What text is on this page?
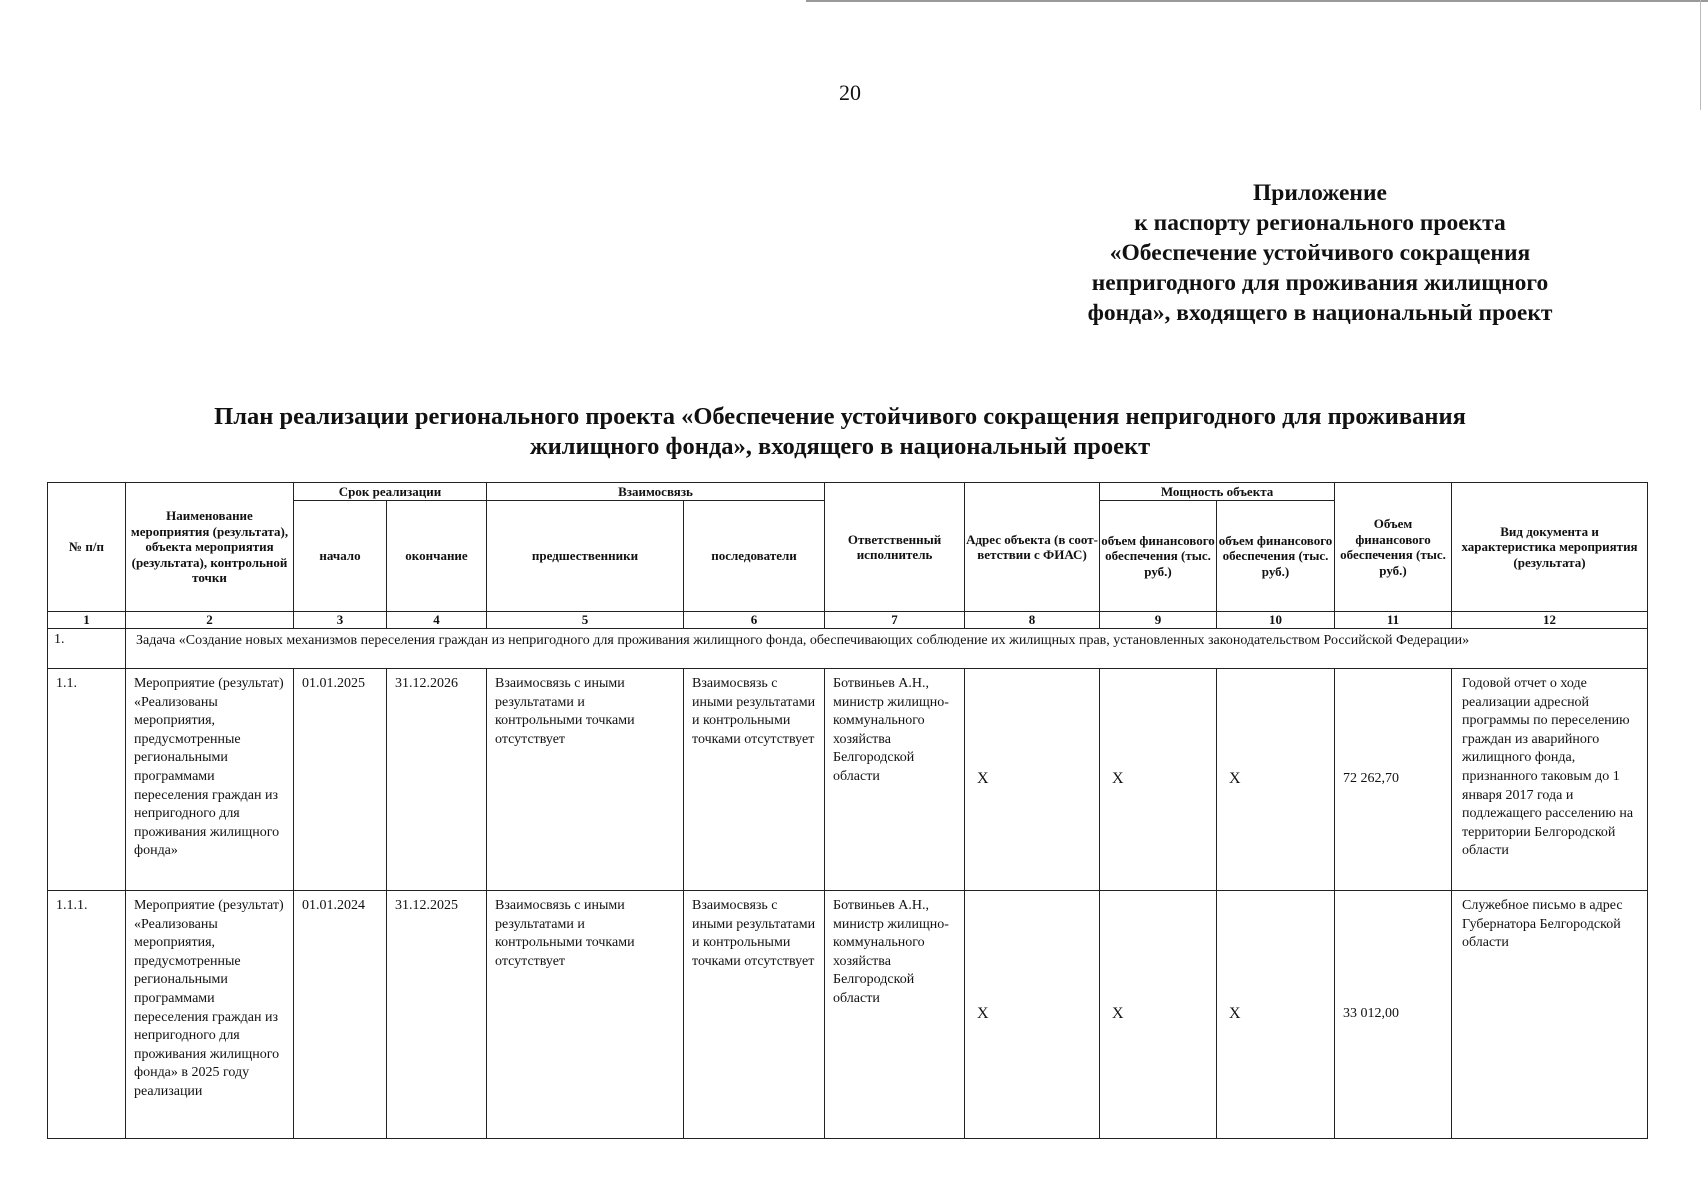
20
Приложение
к паспорту регионального проекта
«Обеспечение устойчивого сокращения
непригодного для проживания жилищного
фонда», входящего в национальный проект
План реализации регионального проекта «Обеспечение устойчивого сокращения непригодного для проживания
жилищного фонда», входящего в национальный проект
№ п/п	Наименование мероприятия (результата), объекта мероприятия (результата), контрольной точки	Срок реализации		Взаимосвязь		Ответственный исполнитель	Адрес объекта (в соот-ветствии с ФИАС)	Мощность объекта		Объем финансового обеспечения (тыс. руб.)	Вид документа и характеристика мероприятия (результата)
		начало	окончание	предшественники	последователи			объем финансового обеспечения (тыс. руб.)	объем финансового обеспечения (тыс. руб.)		
1	2	3	4	5	6	7	8	9	10	11	12
1.	Задача «Создание новых механизмов переселения граждан из непригодного для проживания жилищного фонда, обеспечивающих соблюдение их жилищных прав, установленных законодательством Российской Федерации»										
1.1.	Мероприятие (результат) «Реализованы мероприятия, предусмотренные региональными программами переселения граждан из непригодного для проживания жилищного фонда»	01.01.2025	31.12.2026	Взаимосвязь с иными результатами и контрольными точками отсутствует	Взаимосвязь с иными результатами и контрольными точками отсутствует	Ботвиньев А.Н., министр жилищно-коммунального хозяйства Белгородской области	X	X	X	72 262,70	Годовой отчет о ходе реализации адресной программы по переселению граждан из аварийного жилищного фонда, признанного таковым до 1 января 2017 года и подлежащего расселению на территории Белгородской области
1.1.1.	Мероприятие (результат) «Реализованы мероприятия, предусмотренные региональными программами переселения граждан из непригодного для проживания жилищного фонда» в 2025 году реализации	01.01.2024	31.12.2025	Взаимосвязь с иными результатами и контрольными точками отсутствует	Взаимосвязь с иными результатами и контрольными точками отсутствует	Ботвиньев А.Н., министр жилищно-коммунального хозяйства Белгородской области	X	X	X	33 012,00	Служебное письмо в адрес Губернатора Белгородской области
